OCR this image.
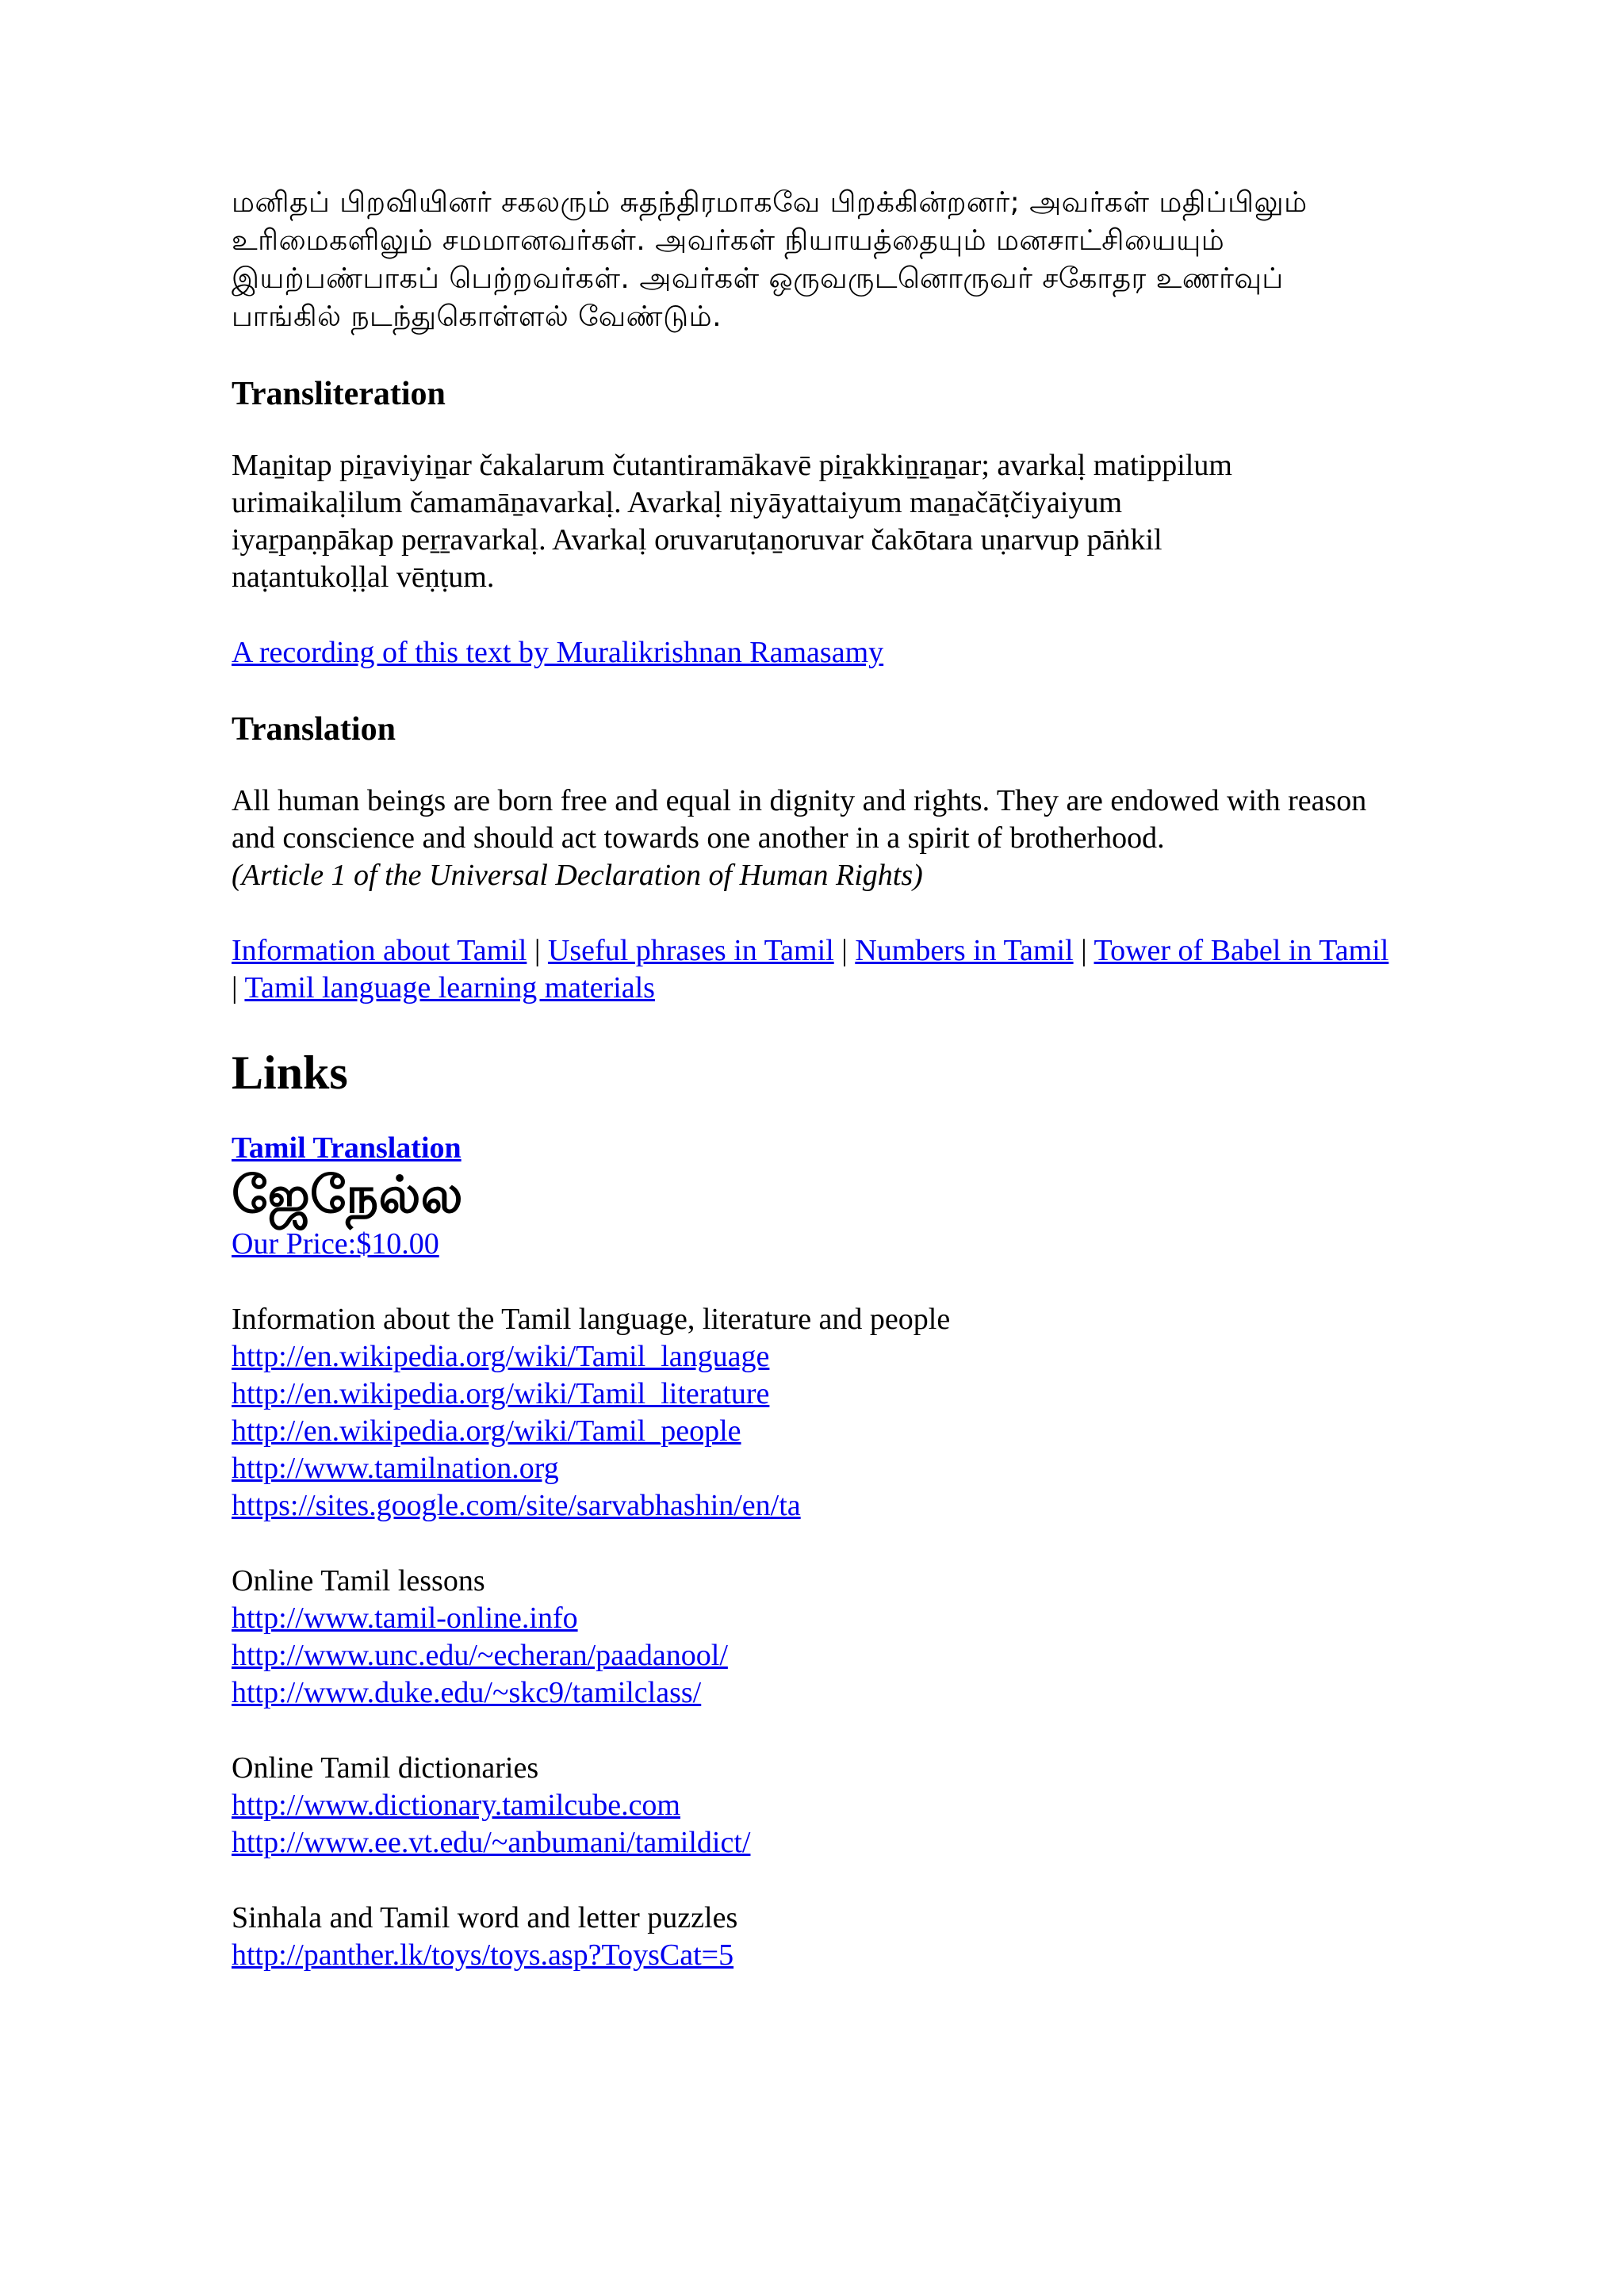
மனிதப் பிறவியினர் சகலரும் சுதந்திரமாகவே பிறக்கின்றனர்; அவர்கள் மதிப்பிலும் உரிமைகளிலும் சமமானவர்கள். அவர்கள் நியாயத்தையும் மனசாட்சியையும் இயற்பண்பாகப் பெற்றவர்கள். அவர்கள் ஒருவருடனொருவர் சகோதர உணர்வுப் பாங்கில் நடந்துகொள்ளல் வேண்டும்.

Transliteration

Maṉitap piṟaviyiṉar čakalarum čutantiramākavē piṟakkiṉṟaṉar; avarkaḷ matippilum urimaikaḷilum čamamāṉavarkaḷ. Avarkaḷ niyāyattaiyum maṉačāṭčiyaiyum iyaṟpaṇpākap peṟṟavarkaḷ. Avarkaḷ oruvaruṭaṉoruvar čakōtara uṇarvup pāṅkil naṭantukoḷḷal vēṇṭum.

A recording of this text by Muralikrishnan Ramasamy

Translation

All human beings are born free and equal in dignity and rights. They are endowed with reason and conscience and should act towards one another in a spirit of brotherhood.
(Article 1 of the Universal Declaration of Human Rights)

Information about Tamil | Useful phrases in Tamil | Numbers in Tamil | Tower of Babel in Tamil | Tamil language learning materials

Links
Tamil Translation
ஜேநேல்ல
Our Price:$10.00
Information about the Tamil language, literature and people
http://en.wikipedia.org/wiki/Tamil_language
http://en.wikipedia.org/wiki/Tamil_literature
http://en.wikipedia.org/wiki/Tamil_people
http://www.tamilnation.org
https://sites.google.com/site/sarvabhashin/en/ta
Online Tamil lessons
http://www.tamil-online.info
http://www.unc.edu/~echeran/paadanool/
http://www.duke.edu/~skc9/tamilclass/
Online Tamil dictionaries
http://www.dictionary.tamilcube.com
http://www.ee.vt.edu/~anbumani/tamildict/
Sinhala and Tamil word and letter puzzles
http://panther.lk/toys/toys.asp?ToysCat=5
